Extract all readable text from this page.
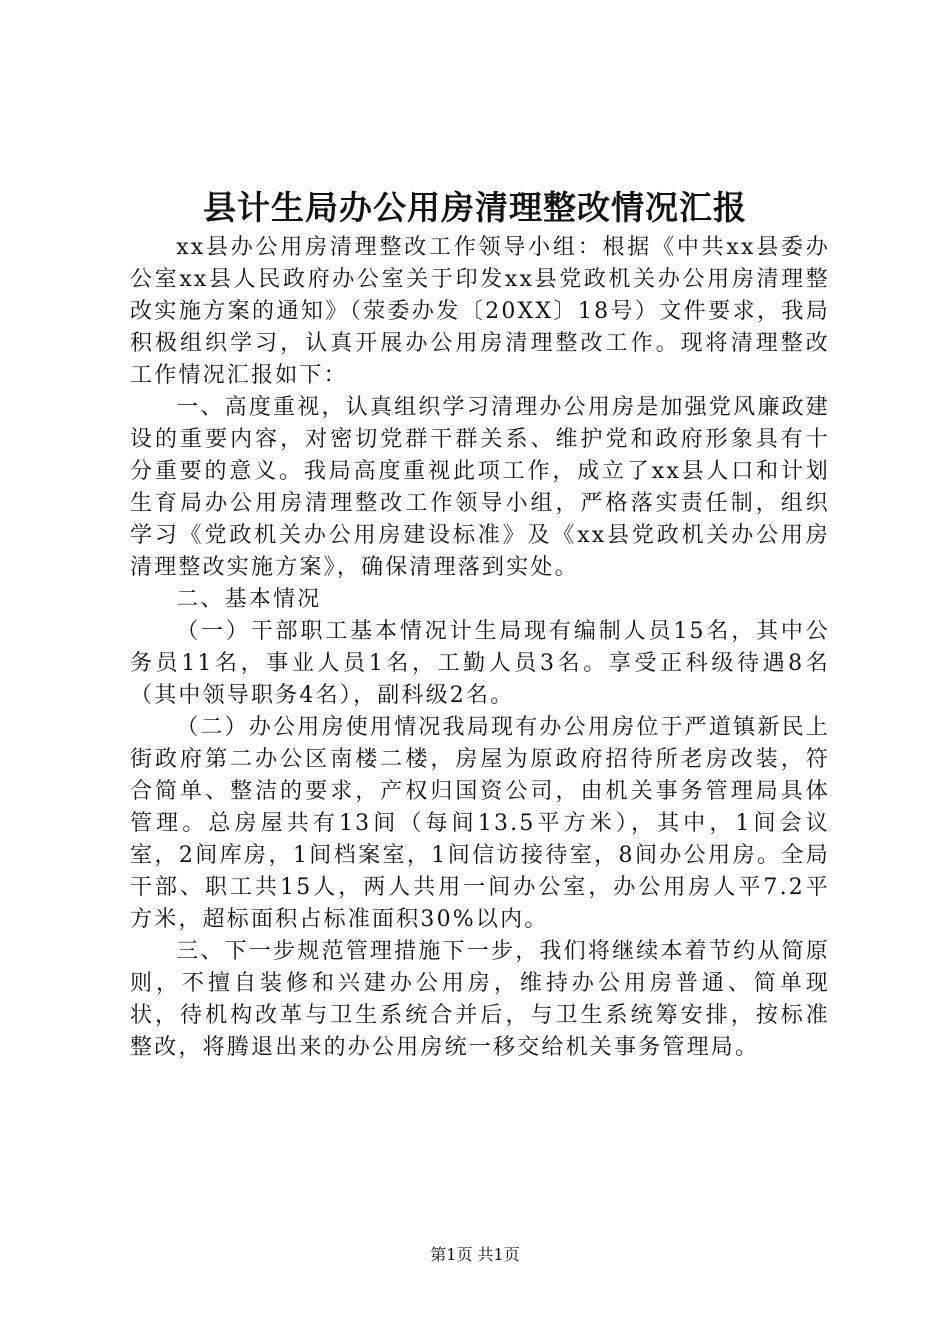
县计生局办公用房清理整改情况汇报

xx县办公用房清理整改工作领导小组：根据《中共xx县委办公室xx县人民政府办公室关于印发xx县党政机关办公用房清理整改实施方案的通知》（荥委办发〔20XX〕18号）文件要求，我局积极组织学习，认真开展办公用房清理整改工作。现将清理整改工作情况汇报如下：

一、高度重视，认真组织学习清理办公用房是加强党风廉政建设的重要内容，对密切党群干群关系、维护党和政府形象具有十分重要的意义。我局高度重视此项工作，成立了xx县人口和计划生育局办公用房清理整改工作领导小组，严格落实责任制，组织学习《党政机关办公用房建设标准》及《xx县党政机关办公用房清理整改实施方案》，确保清理落到实处。

二、基本情况

（一）干部职工基本情况计生局现有编制人员15名，其中公务员11名，事业人员1名，工勤人员3名。享受正科级待遇8名（其中领导职务4名），副科级2名。

（二）办公用房使用情况我局现有办公用房位于严道镇新民上街政府第二办公区南楼二楼，房屋为原政府招待所老房改装，符合简单、整洁的要求，产权归国资公司，由机关事务管理局具体管理。总房屋共有13间（每间13.5平方米），其中，1间会议室，2间库房，1间档案室，1间信访接待室，8间办公用房。全局干部、职工共15人，两人共用一间办公室，办公用房人平7.2平方米，超标面积占标准面积30%以内。

三、下一步规范管理措施下一步，我们将继续本着节约从简原则，不擅自装修和兴建办公用房，维持办公用房普通、简单现状，待机构改革与卫生系统合并后，与卫生系统筹安排，按标准整改，将腾退出来的办公用房统一移交给机关事务管理局。

第1页 共1页
